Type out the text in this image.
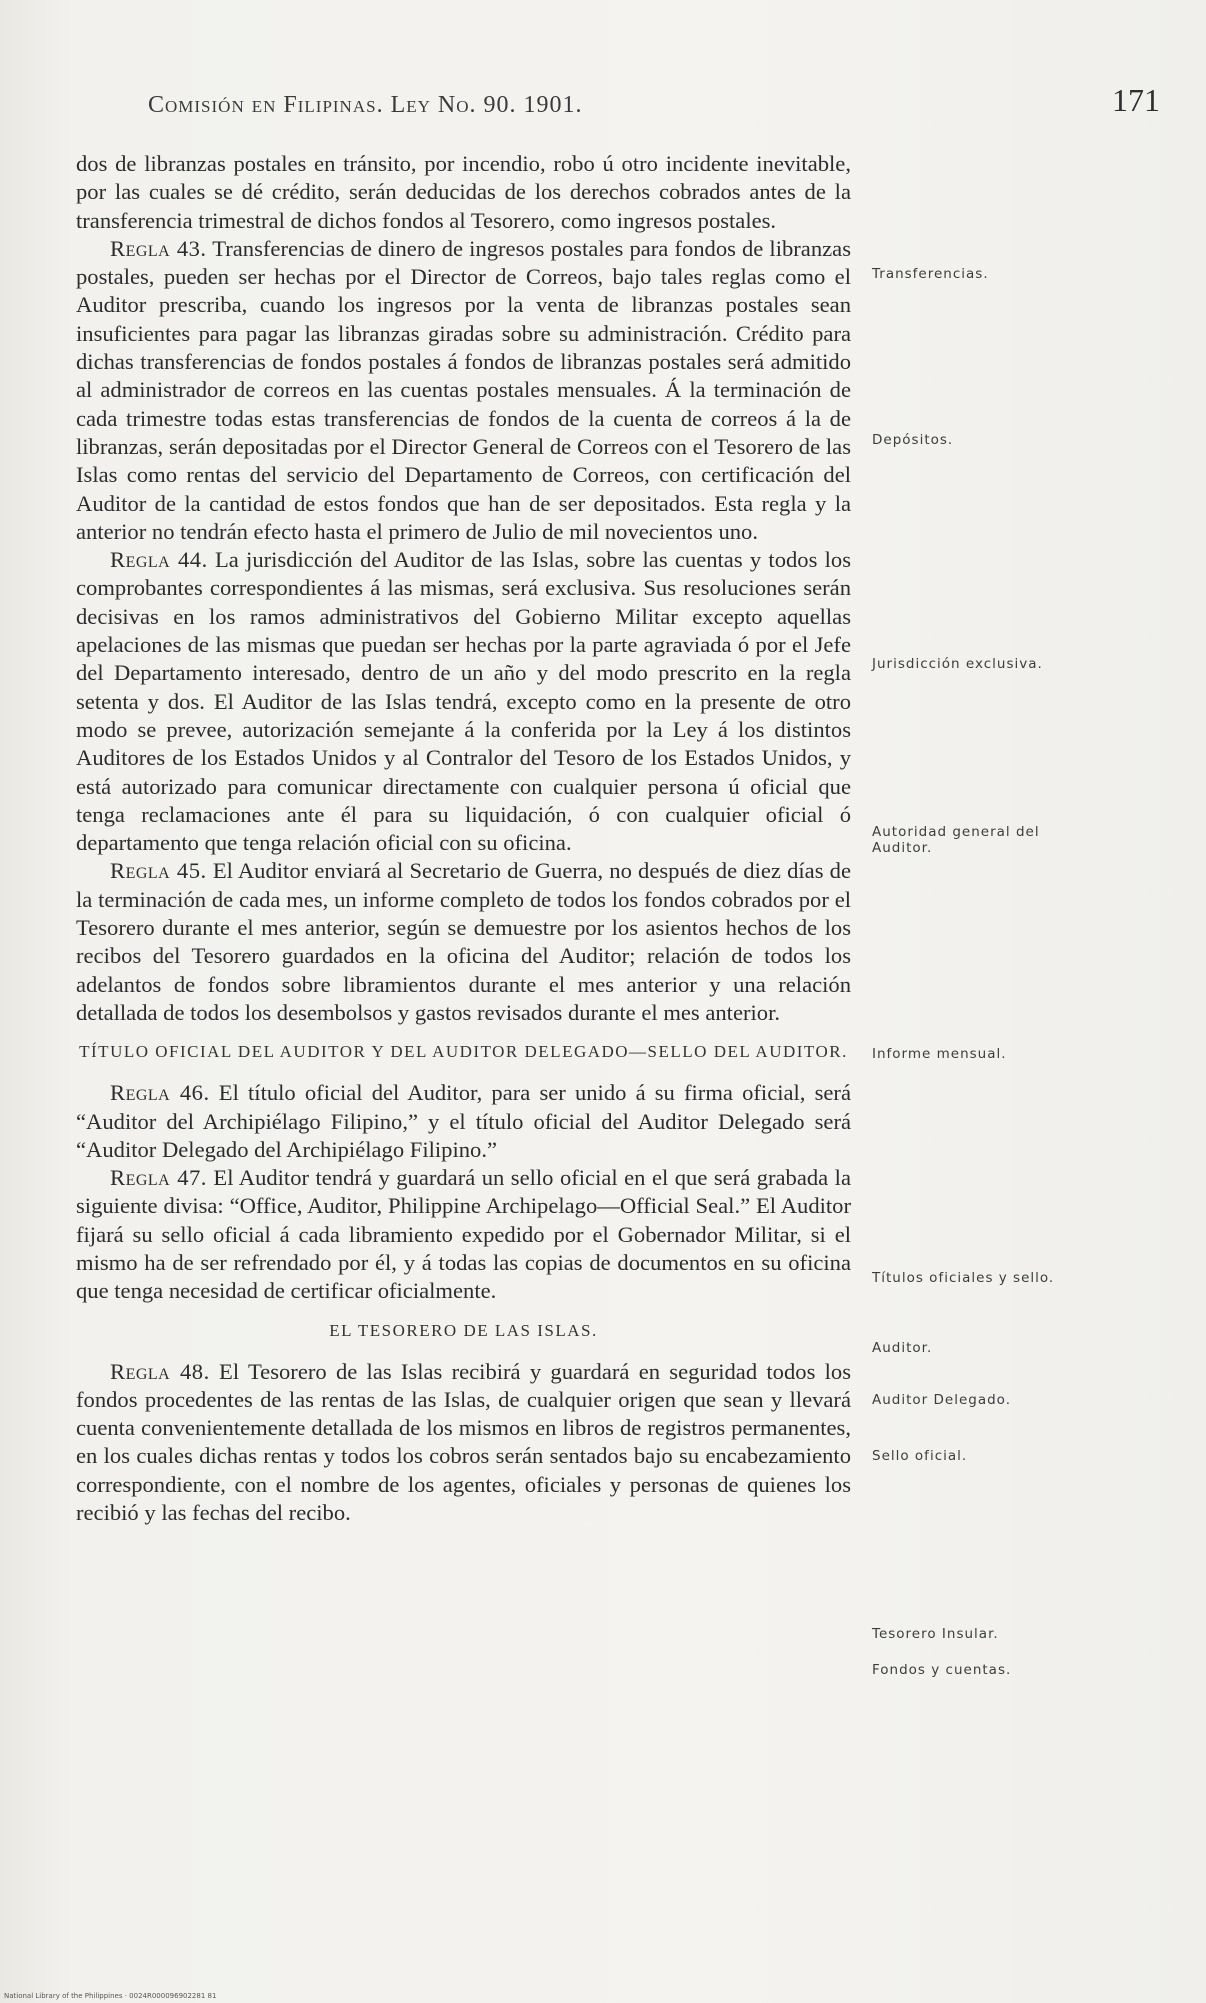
Comisión en Filipinas. Ley No. 90. 1901.	171

dos de libranzas postales en tránsito, por incendio, robo ú otro incidente inevitable, por las cuales se dé crédito, serán deducidas de los derechos cobrados antes de la transferencia trimestral de dichos fondos al Tesorero, como ingresos postales.

Regla 43. Transferencias de dinero de ingresos postales para fondos de libranzas postales, pueden ser hechas por el Director de Correos, bajo tales reglas como el Auditor prescriba, cuando los ingresos por la venta de libranzas postales sean insuficientes para pagar las libranzas giradas sobre su administración. Crédito para dichas transferencias de fondos postales á fondos de libranzas postales será admitido al administrador de correos en las cuentas postales mensuales. Á la terminación de cada trimestre todas estas transferencias de fondos de la cuenta de correos á la de libranzas, serán depositadas por el Director General de Correos con el Tesorero de las Islas como rentas del servicio del Departamento de Correos, con certificación del Auditor de la cantidad de estos fondos que han de ser depositados. Esta regla y la anterior no tendrán efecto hasta el primero de Julio de mil novecientos uno.

Regla 44. La jurisdicción del Auditor de las Islas, sobre las cuentas y todos los comprobantes correspondientes á las mismas, será exclusiva. Sus resoluciones serán decisivas en los ramos administrativos del Gobierno Militar excepto aquellas apelaciones de las mismas que puedan ser hechas por la parte agraviada ó por el Jefe del Departamento interesado, dentro de un año y del modo prescrito en la regla setenta y dos. El Auditor de las Islas tendrá, excepto como en la presente de otro modo se prevee, autorización semejante á la conferida por la Ley á los distintos Auditores de los Estados Unidos y al Contralor del Tesoro de los Estados Unidos, y está autorizado para comunicar directamente con cualquier persona ú oficial que tenga reclamaciones ante él para su liquidación, ó con cualquier oficial ó departamento que tenga relación oficial con su oficina.

Regla 45. El Auditor enviará al Secretario de Guerra, no después de diez días de la terminación de cada mes, un informe completo de todos los fondos cobrados por el Tesorero durante el mes anterior, según se demuestre por los asientos hechos de los recibos del Tesorero guardados en la oficina del Auditor; relación de todos los adelantos de fondos sobre libramientos durante el mes anterior y una relación detallada de todos los desembolsos y gastos revisados durante el mes anterior.

TÍTULO OFICIAL DEL AUDITOR Y DEL AUDITOR DELEGADO—SELLO DEL AUDITOR.

Regla 46. El título oficial del Auditor, para ser unido á su firma oficial, será “Auditor del Archipiélago Filipino,” y el título oficial del Auditor Delegado será “Auditor Delegado del Archipiélago Filipino.”

Regla 47. El Auditor tendrá y guardará un sello oficial en el que será grabada la siguiente divisa: “Office, Auditor, Philippine Archipelago—Official Seal.” El Auditor fijará su sello oficial á cada libramiento expedido por el Gobernador Militar, si el mismo ha de ser refrendado por él, y á todas las copias de documentos en su oficina que tenga necesidad de certificar oficialmente.

EL TESORERO DE LAS ISLAS.

Regla 48. El Tesorero de las Islas recibirá y guardará en seguridad todos los fondos procedentes de las rentas de las Islas, de cualquier origen que sean y llevará cuenta convenientemente detallada de los mismos en libros de registros permanentes, en los cuales dichas rentas y todos los cobros serán sentados bajo su encabezamiento correspondiente, con el nombre de los agentes, oficiales y personas de quienes los recibió y las fechas del recibo.

Transferencias.
Depósitos.
Jurisdicción exclusiva.
Autoridad general del Auditor.
Informe mensual.
Títulos oficiales y sello.
Auditor.
Auditor Delegado.
Sello oficial.
Tesorero Insular.
Fondos y cuentas.
National Library of the Philippines · 0024R000096902281 81
